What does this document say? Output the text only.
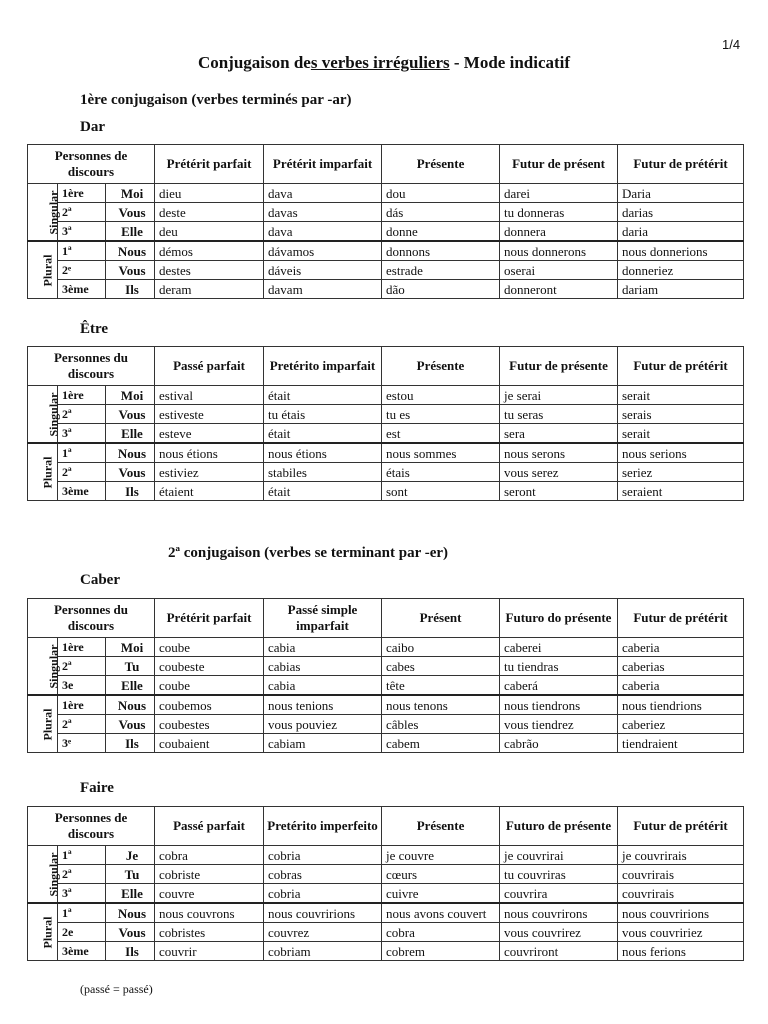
1/4
Conjugaison des verbes irréguliers - Mode indicatif
1ère conjugaison (verbes terminés par -ar)
2ª conjugaison (verbes se terminant par -er)
Dar
Personnes de discours			Prétérit parfait	Prétérit imparfait	Présente	Futur de présent	Futur de prétérit
Singular	1ère	Moi	dieu	dava	dou	darei	Daria
	2ª	Vous	deste	davas	dás	tu donneras	darias
	3ª	Elle	deu	dava	donne	donnera	daria
Plural	1ª	Nous	démos	dávamos	donnons	nous donnerons	nous donnerions
	2ᵉ	Vous	destes	dáveis	estrade	oserai	donneriez
	3ème	Ils	deram	davam	dão	donneront	dariam
Être
Personnes du discours			Passé parfait	Pretérito imparfait	Présente	Futur de présente	Futur de prétérit
Singular	1ère	Moi	estival	était	estou	je serai	serait
	2ª	Vous	estiveste	tu étais	tu es	tu seras	serais
	3ª	Elle	esteve	était	est	sera	serait
Plural	1ª	Nous	nous étions	nous étions	nous sommes	nous serons	nous serions
	2ª	Vous	estiviez	stabiles	étais	vous serez	seriez
	3ème	Ils	étaient	était	sont	seront	seraient
Caber
Personnes du discours			Prétérit parfait	Passé simple imparfait	Présent	Futuro do présente	Futur de prétérit
Singular	1ère	Moi	coube	cabia	caibo	caberei	caberia
	2ª	Tu	coubeste	cabias	cabes	tu tiendras	caberias
	3e	Elle	coube	cabia	tête	caberá	caberia
Plural	1ère	Nous	coubemos	nous tenions	nous tenons	nous tiendrons	nous tiendrions
	2ª	Vous	coubestes	vous pouviez	câbles	vous tiendrez	caberiez
	3ᵉ	Ils	coubaient	cabiam	cabem	cabrão	tiendraient
Faire
Personnes de discours			Passé parfait	Pretérito imperfeito	Présente	Futuro de présente	Futur de prétérit
Singular	1ª	Je	cobra	cobria	je couvre	je couvrirai	je couvrirais
	2ª	Tu	cobriste	cobras	cœurs	tu couvriras	couvrirais
	3ª	Elle	couvre	cobria	cuivre	couvrira	couvrirais
Plural	1ª	Nous	nous couvrons	nous couvririons	nous avons couvert	nous couvrirons	nous couvririons
	2e	Vous	cobristes	couvrez	cobra	vous couvrirez	vous couvririez
	3ème	Ils	couvrir	cobriam	cobrem	couvriront	nous ferions
(passé = passé)
